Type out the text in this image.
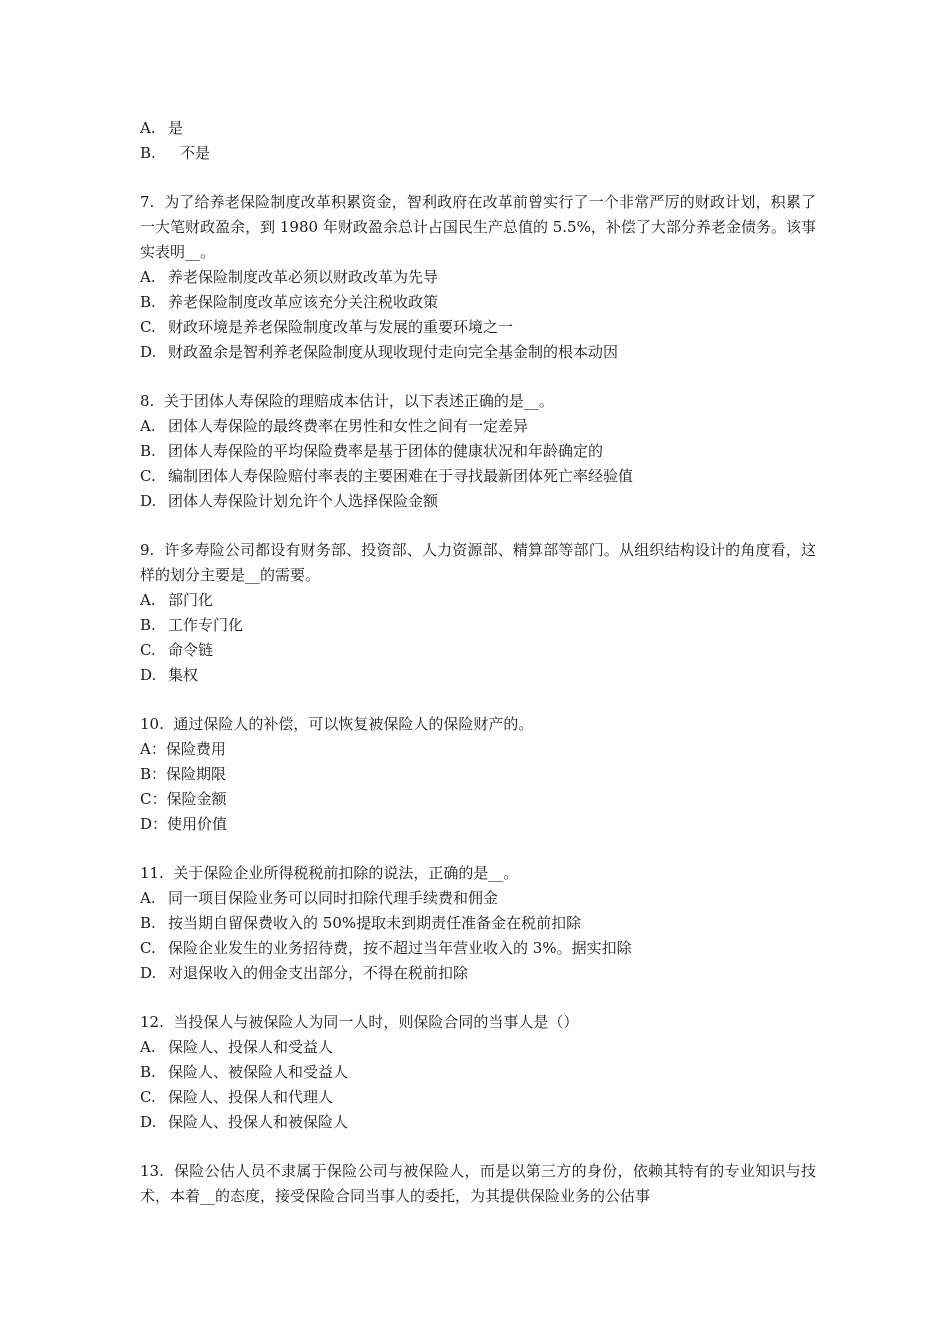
A. 是
B. 不是
7. 为了给养老保险制度改革积累资金，智利政府在改革前曾实行了一个非常严厉的财政计划，积累了一大笔财政盈余，到 1980 年财政盈余总计占国民生产总值的 5.5%，补偿了大部分养老金债务。该事实表明__。
A. 养老保险制度改革必须以财政改革为先导
B. 养老保险制度改革应该充分关注税收政策
C. 财政环境是养老保险制度改革与发展的重要环境之一
D. 财政盈余是智利养老保险制度从现收现付走向完全基金制的根本动因
8. 关于团体人寿保险的理赔成本估计，以下表述正确的是__。
A. 团体人寿保险的最终费率在男性和女性之间有一定差异
B. 团体人寿保险的平均保险费率是基于团体的健康状况和年龄确定的
C. 编制团体人寿保险赔付率表的主要困难在于寻找最新团体死亡率经验值
D. 团体人寿保险计划允许个人选择保险金额
9. 许多寿险公司都设有财务部、投资部、人力资源部、精算部等部门。从组织结构设计的角度看，这样的划分主要是__的需要。
A. 部门化
B. 工作专门化
C. 命令链
D. 集权
10. 通过保险人的补偿，可以恢复被保险人的保险财产的。
A：保险费用
B：保险期限
C：保险金额
D：使用价值
11. 关于保险企业所得税税前扣除的说法，正确的是__。
A. 同一项目保险业务可以同时扣除代理手续费和佣金
B. 按当期自留保费收入的 50%提取未到期责任准备金在税前扣除
C. 保险企业发生的业务招待费，按不超过当年营业收入的 3%。据实扣除
D. 对退保收入的佣金支出部分，不得在税前扣除
12. 当投保人与被保险人为同一人时，则保险合同的当事人是（）
A. 保险人、投保人和受益人
B. 保险人、被保险人和受益人
C. 保险人、投保人和代理人
D. 保险人、投保人和被保险人
13. 保险公估人员不隶属于保险公司与被保险人，而是以第三方的身份，依赖其特有的专业知识与技术，本着__的态度，接受保险合同当事人的委托，为其提供保险业务的公估事
